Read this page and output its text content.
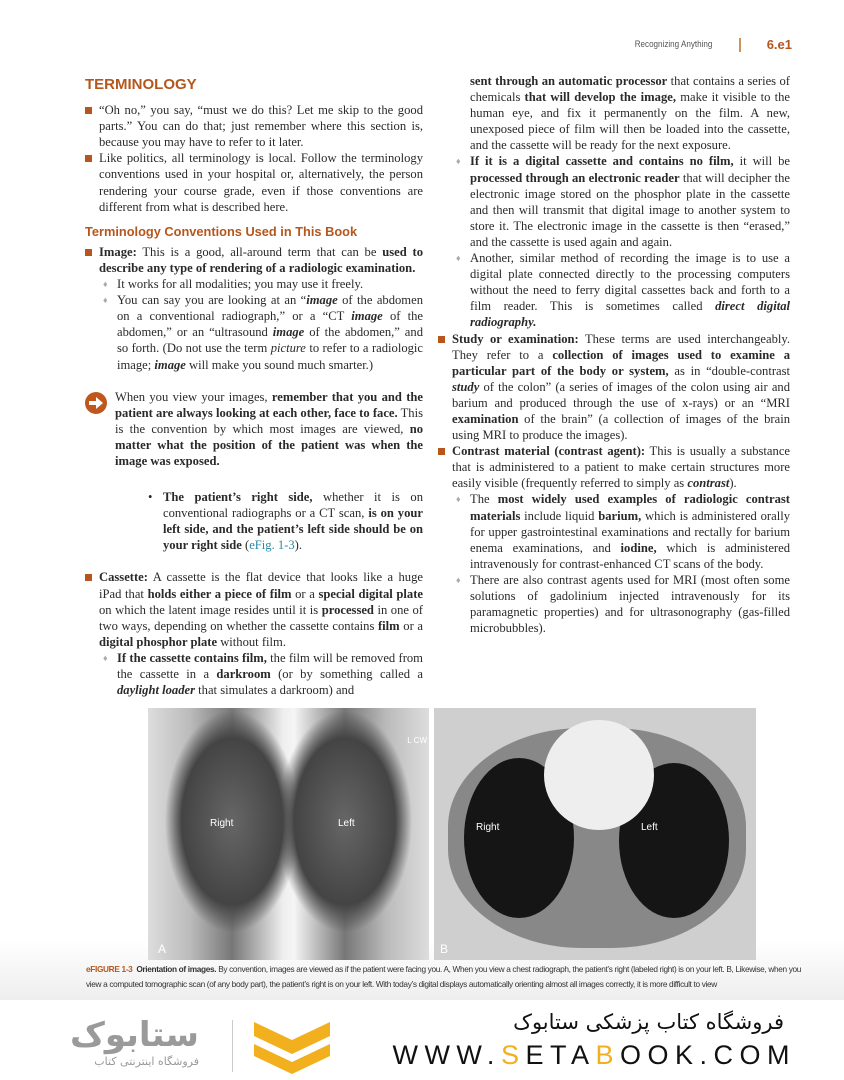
Recognizing Anything	6.e1
TERMINOLOGY
“Oh no,” you say, “must we do this? Let me skip to the good parts.” You can do that; just remember where this section is, because you may have to refer to it later.
Like politics, all terminology is local. Follow the terminology conventions used in your hospital or, alternatively, the person rendering your course grade, even if those conventions are different from what is described here.
Terminology Conventions Used in This Book
Image: This is a good, all-around term that can be used to describe any type of rendering of a radiologic examination.
♦ It works for all modalities; you may use it freely.
♦ You can say you are looking at an “image of the abdomen on a conventional radiograph,” or a “CT image of the abdomen,” or an “ultrasound image of the abdomen,” and so forth. (Do not use the term picture to refer to a radiologic image; image will make you sound much smarter.)
When you view your images, remember that you and the patient are always looking at each other, face to face. This is the convention by which most images are viewed, no matter what the position of the patient was when the image was exposed.
• The patient’s right side, whether it is on conventional radiographs or a CT scan, is on your left side, and the patient’s left side should be on your right side (eFig. 1-3).
Cassette: A cassette is the flat device that looks like a huge iPad that holds either a piece of film or a special digital plate on which the latent image resides until it is processed in one of two ways, depending on whether the cassette contains film or a digital phosphor plate without film.
♦ If the cassette contains film, the film will be removed from the cassette in a darkroom (or by something called a daylight loader that simulates a darkroom) and
sent through an automatic processor that contains a series of chemicals that will develop the image, make it visible to the human eye, and fix it permanently on the film. A new, unexposed piece of film will then be loaded into the cassette, and the cassette will be ready for the next exposure.
♦ If it is a digital cassette and contains no film, it will be processed through an electronic reader that will decipher the electronic image stored on the phosphor plate in the cassette and then will transmit that digital image to another system to store it. The electronic image in the cassette is then “erased,” and the cassette is used again and again.
♦ Another, similar method of recording the image is to use a digital plate connected directly to the processing computers without the need to ferry digital cassettes back and forth to a film reader. This is sometimes called direct digital radiography.
Study or examination: These terms are used interchangeably. They refer to a collection of images used to examine a particular part of the body or system, as in “double-contrast study of the colon” (a series of images of the colon using air and barium and produced through the use of x-rays) or an “MRI examination of the brain” (a collection of images of the brain using MRI to produce the images).
Contrast material (contrast agent): This is usually a substance that is administered to a patient to make certain structures more easily visible (frequently referred to simply as contrast).
♦ The most widely used examples of radiologic contrast materials include liquid barium, which is administered orally for upper gastrointestinal examinations and rectally for barium enema examinations, and iodine, which is administered intravenously for contrast-enhanced CT scans of the body.
♦ There are also contrast agents used for MRI (most often some solutions of gadolinium injected intravenously for its paramagnetic properties) and for ultrasonography (gas-filled microbubbles).
Right	Left
L CW
A
Right	Left
B
eFIGURE 1-3 Orientation of images. By convention, images are viewed as if the patient were facing you. A, When you view a chest radiograph, the patient’s right (labeled right) is on your left. B, Likewise, when you view a computed tomographic scan (of any body part), the patient’s right is on your left. With today’s digital displays automatically orienting almost all images correctly, it is more difficult to view
ستابوک
فروشگاه اینترنتی کتاب
فروشگاه کتاب پزشکی ستابوک
WWW.SETABOOK.COM
